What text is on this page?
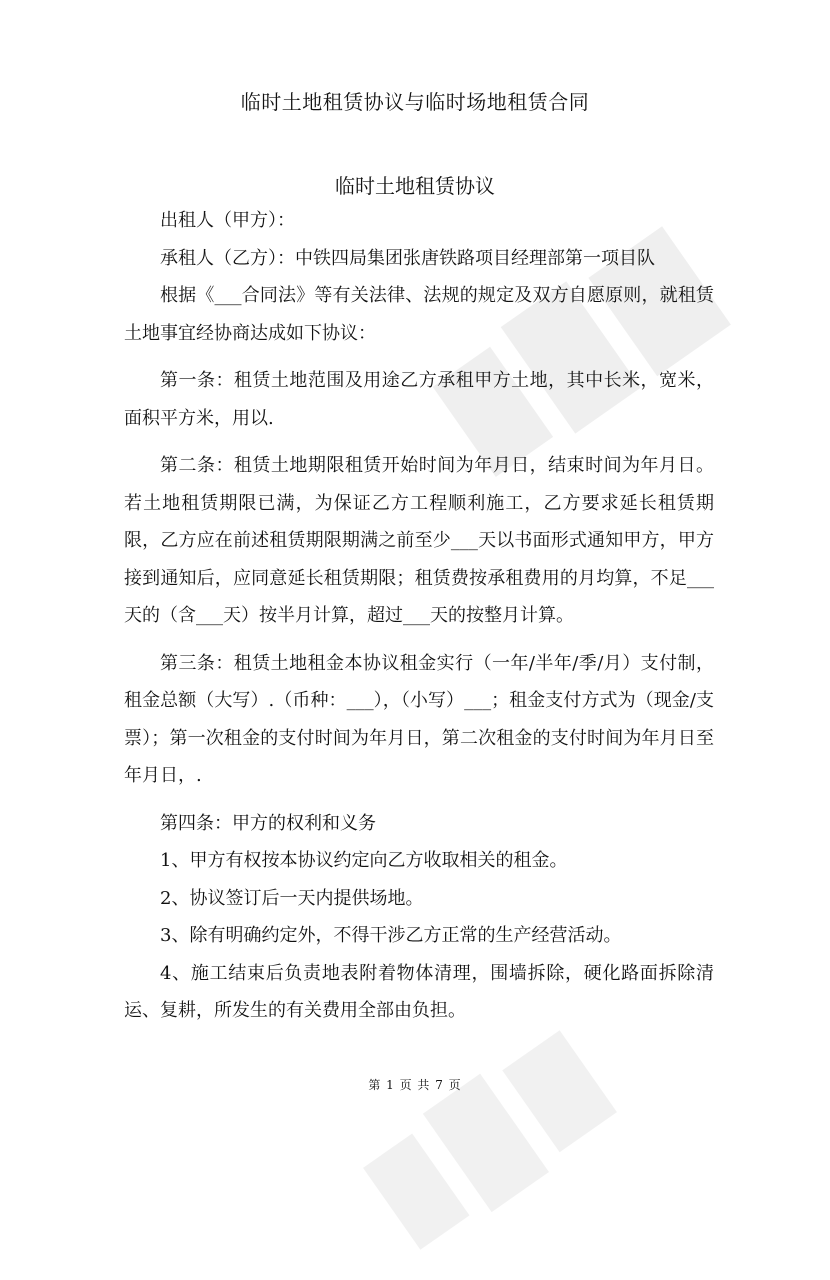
临时土地租赁协议与临时场地租赁合同
临时土地租赁协议

出租人（甲方）：

承租人（乙方）：中铁四局集团张唐铁路项目经理部第一项目队

根据《___合同法》等有关法律、法规的规定及双方自愿原则，就租赁土地事宜经协商达成如下协议：

第一条：租赁土地范围及用途乙方承租甲方土地，其中长米，宽米，面积平方米，用以.

第二条：租赁土地期限租赁开始时间为年月日，结束时间为年月日。若土地租赁期限已满，为保证乙方工程顺利施工，乙方要求延长租赁期限，乙方应在前述租赁期限期满之前至少___天以书面形式通知甲方，甲方接到通知后，应同意延长租赁期限；租赁费按承租费用的月均算，不足___天的（含___天）按半月计算，超过___天的按整月计算。

第三条：租赁土地租金本协议租金实行（一年/半年/季/月）支付制，租金总额（大写）.（币种：___），（小写）___；租金支付方式为（现金/支票）；第一次租金的支付时间为年月日，第二次租金的支付时间为年月日至年月日，.

第四条：甲方的权利和义务

1、甲方有权按本协议约定向乙方收取相关的租金。

2、协议签订后一天内提供场地。

3、除有明确约定外，不得干涉乙方正常的生产经营活动。

4、施工结束后负责地表附着物体清理，围墙拆除，硬化路面拆除清运、复耕，所发生的有关费用全部由负担。

第 1 页 共 7 页
